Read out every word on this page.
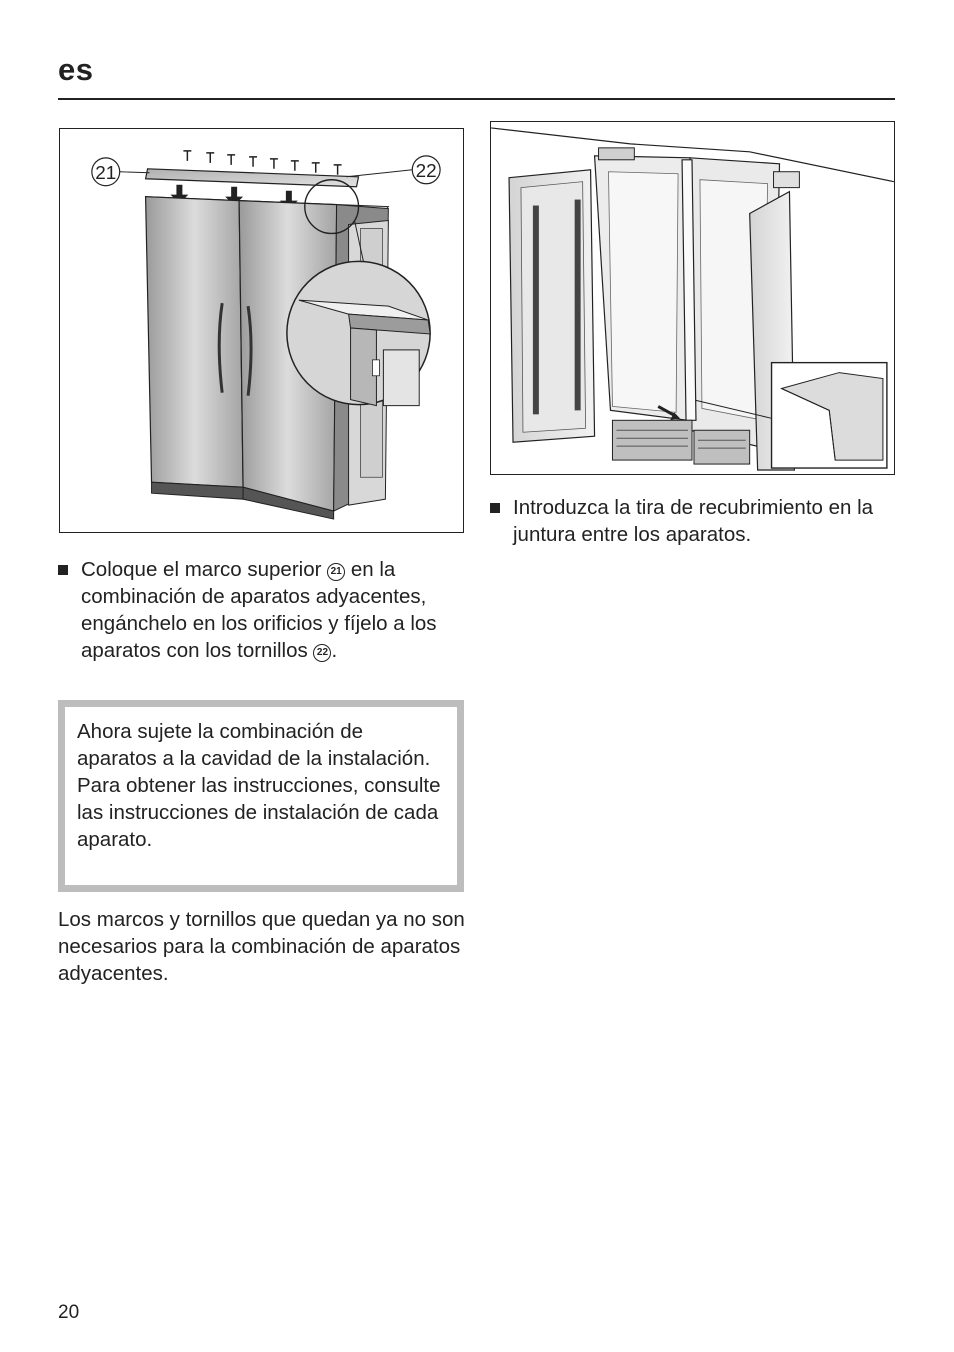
es
21	22
Coloque el marco superior 21 en la combinación de aparatos adyacentes, engánchelo en los orificios y fíjelo a los aparatos con los tornillos 22 .
Ahora sujete la combinación de aparatos a la cavidad de la instalación. Para obtener las instrucciones, consulte las instrucciones de instalación de cada aparato.
Los marcos y tornillos que quedan ya no son necesarios para la combinación de aparatos adyacentes.
Introduzca la tira de recubrimiento en la juntura entre los aparatos.
20
